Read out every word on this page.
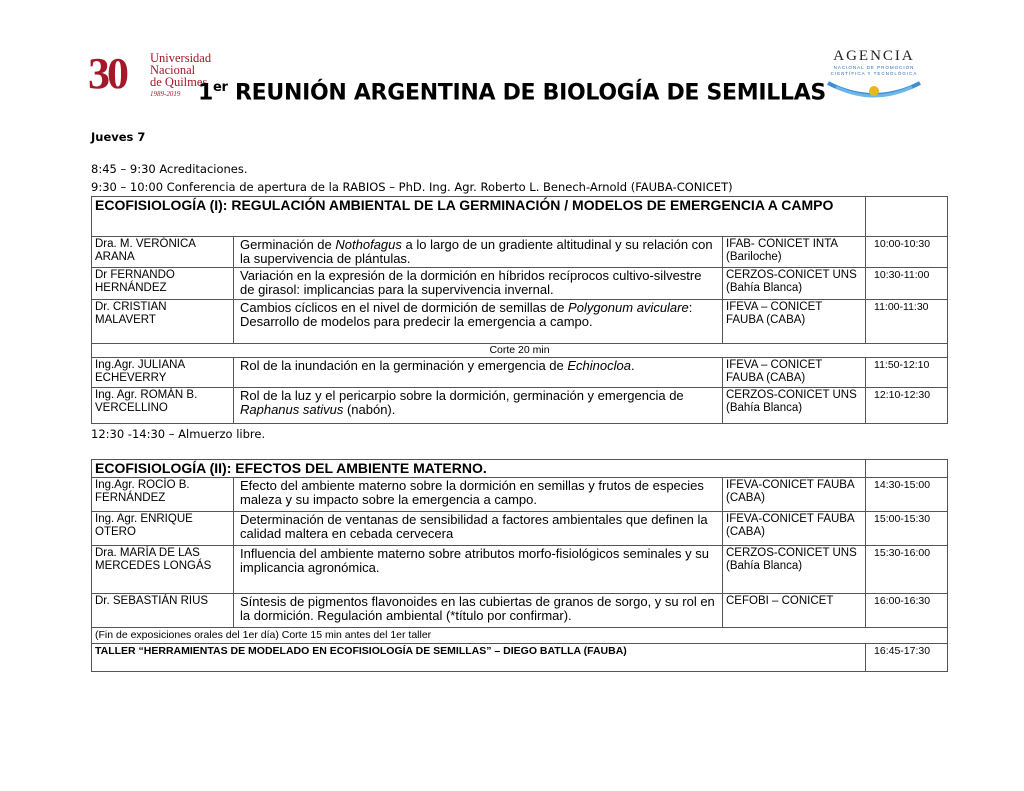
30 Universidad
Nacional
de Quilmes
1989-2019
AGENCIA
NACIONAL DE PROMOCIÓN
CIENTÍFICA Y TECNOLÓGICA
1er REUNIÓN ARGENTINA DE BIOLOGÍA DE SEMILLAS
Jueves 7
8:45 – 9:30 Acreditaciones.
9:30 – 10:00 Conferencia de apertura de la RABIOS – PhD. Ing. Agr. Roberto L. Benech-Arnold (FAUBA-CONICET)
ECOFISIOLOGÍA (I): REGULACIÓN AMBIENTAL DE LA GERMINACIÓN / MODELOS DE EMERGENCIA A CAMPO			
Dra. M. VERÓNICA ARANA	Germinación de Nothofagus a lo largo de un gradiente altitudinal y su relación con la supervivencia de plántulas.	IFAB- CONICET INTA (Bariloche)	10:00-10:30
Dr FERNANDO HERNÁNDEZ	Variación en la expresión de la dormición en híbridos recíprocos cultivo-silvestre de girasol: implicancias para la supervivencia invernal.	CERZOS-CONICET UNS (Bahía Blanca)	10:30-11:00
Dr. CRISTIAN MALAVERT	Cambios cíclicos en el nivel de dormición de semillas de Polygonum aviculare: Desarrollo de modelos para predecir la emergencia a campo.	IFEVA – CONICET FAUBA (CABA)	11:00-11:30
Corte 20 min			
Ing.Agr. JULIANA ECHEVERRY	Rol de la inundación en la germinación y emergencia de Echinocloa.	IFEVA – CONICET FAUBA (CABA)	11:50-12:10
Ing. Agr. ROMÁN B. VERCELLINO	Rol de la luz y el pericarpio sobre la dormición, germinación y emergencia de Raphanus sativus (nabón).	CERZOS-CONICET UNS (Bahía Blanca)	12:10-12:30
12:30 -14:30 – Almuerzo libre.
ECOFISIOLOGÍA (II): EFECTOS DEL AMBIENTE MATERNO.			
Ing.Agr. ROCÍO B. FERNÁNDEZ	Efecto del ambiente materno sobre la dormición en semillas y frutos de especies maleza y su impacto sobre la emergencia a campo.	IFEVA-CONICET FAUBA (CABA)	14:30-15:00
Ing. Agr. ENRIQUE OTERO	Determinación de ventanas de sensibilidad a factores ambientales que definen la calidad maltera en cebada cervecera	IFEVA-CONICET FAUBA (CABA)	15:00-15:30
Dra. MARÍA DE LAS MERCEDES LONGÁS	Influencia del ambiente materno sobre atributos morfo-fisiológicos seminales y su implicancia agronómica.	CERZOS-CONICET UNS (Bahía Blanca)	15:30-16:00
Dr. SEBASTIÁN RIUS	Síntesis de pigmentos flavonoides en las cubiertas de granos de sorgo, y su rol en la dormición. Regulación ambiental (*título por confirmar).	CEFOBI – CONICET	16:00-16:30
(Fin de exposiciones orales del 1er día) Corte 15 min antes del 1er taller			
TALLER “HERRAMIENTAS DE MODELADO EN ECOFISIOLOGÍA DE SEMILLAS” – DIEGO BATLLA (FAUBA)			16:45-17:30
